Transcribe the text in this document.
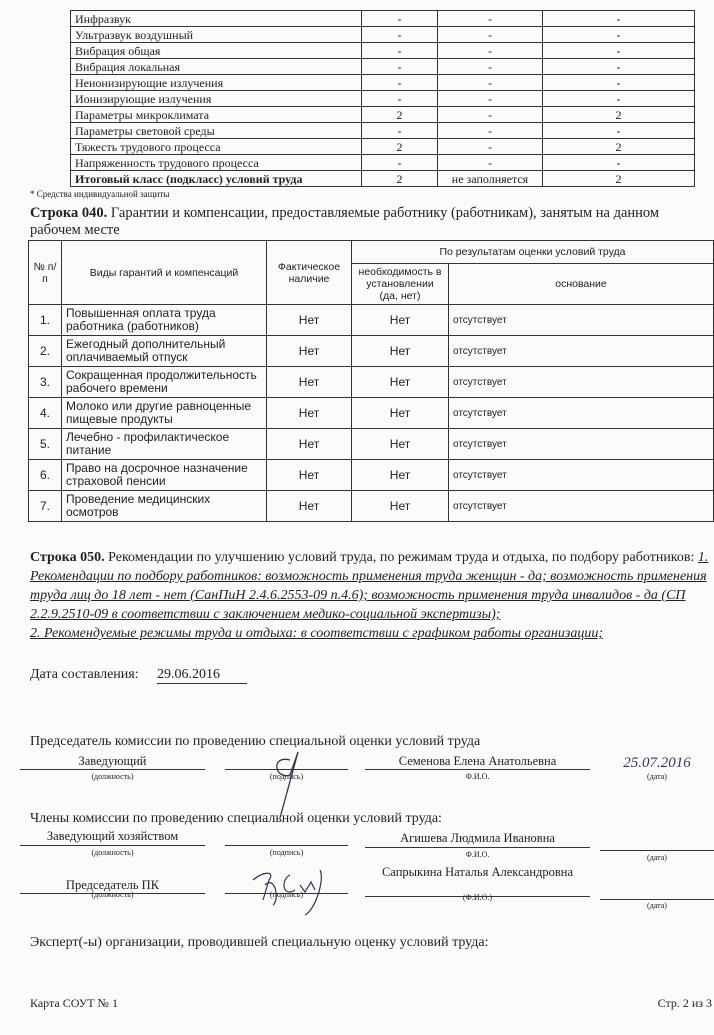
Инфразвук	-	-	-
Ультразвук воздушный	-	-	-
Вибрация общая	-	-	-
Вибрация локальная	-	-	-
Неионизирующие излучения	-	-	-
Ионизирующие излучения	-	-	-
Параметры микроклимата	2	-	2
Параметры световой среды	-	-	-
Тяжесть трудового процесса	2	-	2
Напряженность трудового процесса	-	-	-
Итоговый класс (подкласс) условий труда	2	не заполняется	2
* Средства индивидуальной защиты
Строка 040. Гарантии и компенсации, предоставляемые работнику (работникам), занятым на данном рабочем месте
№ п/п	Виды гарантий и компенсаций	Фактическое наличие	По результатам оценки условий труда	
			необходимость в установлении (да, нет)	основание
1.	Повышенная оплата труда работника (работников)	Нет	Нет	отсутствует
2.	Ежегодный дополнительный оплачиваемый отпуск	Нет	Нет	отсутствует
3.	Сокращенная продолжительность рабочего времени	Нет	Нет	отсутствует
4.	Молоко или другие равноценные пищевые продукты	Нет	Нет	отсутствует
5.	Лечебно - профилактическое питание	Нет	Нет	отсутствует
6.	Право на досрочное назначение страховой пенсии	Нет	Нет	отсутствует
7.	Проведение медицинских осмотров	Нет	Нет	отсутствует
Строка 050. Рекомендации по улучшению условий труда, по режимам труда и отдыха, по подбору работников: 1. Рекомендации по подбору работников: возможность применения труда женщин - да; возможность применения труда лиц до 18 лет - нет (СанПиН 2.4.6.2553-09 п.4.6); возможность применения труда инвалидов - да (СП 2.2.9.2510-09 в соответствии с заключением медико-социальной экспертизы);
2. Рекомендуемые режимы труда и отдыха: в соответствии с графиком работы организации;
Дата составления: 29.06.2016
Председатель комиссии по проведению специальной оценки условий труда
Заведующий
(должность)	(подпись)
Семенова Елена Анатольевна
Ф.И.О.
25.07.2016
(дата)
Члены комиссии по проведению специальной оценки условий труда:
Заведующий хозяйством
(должность)	(подпись)
Агишева Людмила Ивановна
Ф.И.О.	(дата)
Председатель ПК
(должность)	(подпись)
Сапрыкина Наталья Александровна
(Ф.И.О.)
(дата)
Эксперт(-ы) организации, проводившей специальную оценку условий труда:
Карта СОУТ № 1	Стр. 2 из 3
